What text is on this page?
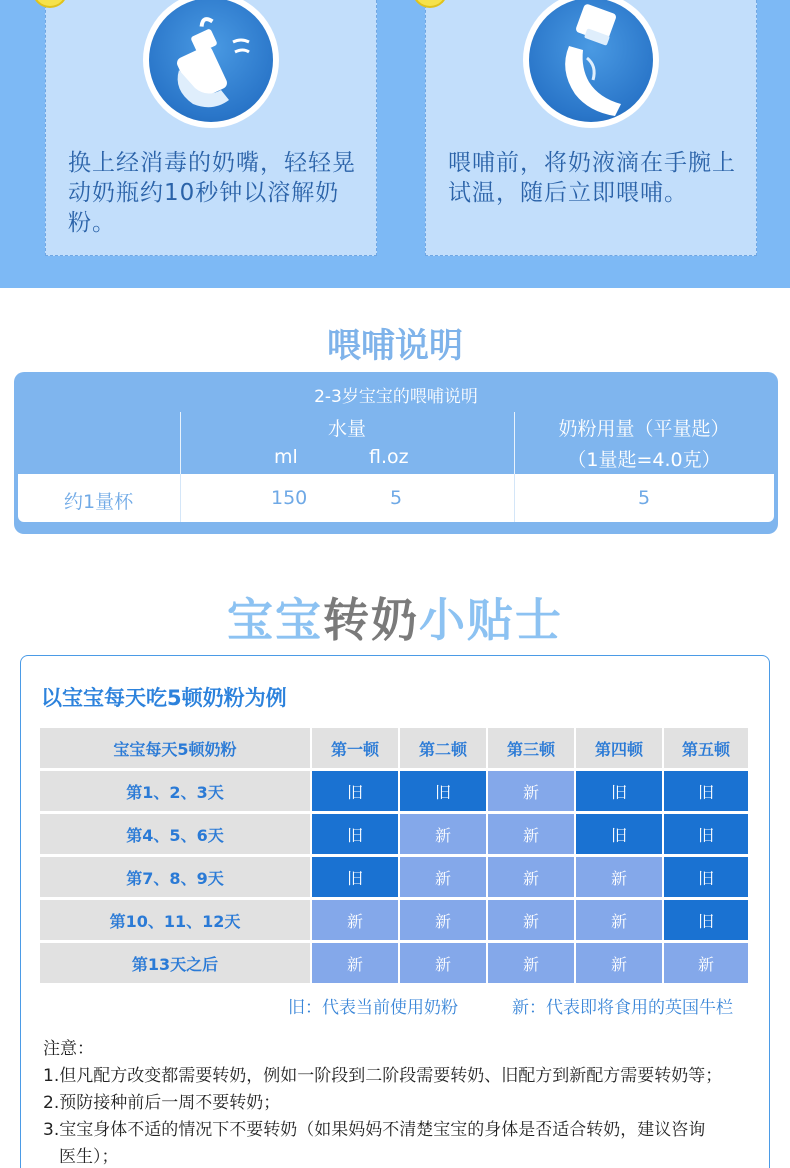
换上经消毒的奶嘴，轻轻晃动奶瓶约10秒钟以溶解奶粉。
喂哺前，将奶液滴在手腕上试温，随后立即喂哺。
喂哺说明
2-3岁宝宝的喂哺说明
水量
ml	fl.oz
奶粉用量（平量匙）
（1量匙=4.0克）
约1量杯	150	5	5
宝宝转奶小贴士
以宝宝每天吃5顿奶粉为例
宝宝每天5顿奶粉	第一顿	第二顿	第三顿	第四顿	第五顿
第1、2、3天	旧	旧	新	旧	旧
第4、5、6天	旧	新	新	旧	旧
第7、8、9天	旧	新	新	新	旧
第10、11、12天	新	新	新	新	旧
第13天之后	新	新	新	新	新
旧：代表当前使用奶粉	新：代表即将食用的英国牛栏
注意：
1.但凡配方改变都需要转奶，例如一阶段到二阶段需要转奶、旧配方到新配方需要转奶等；
2.预防接种前后一周不要转奶；
3.宝宝身体不适的情况下不要转奶（如果妈妈不清楚宝宝的身体是否适合转奶，建议咨询
医生）；
